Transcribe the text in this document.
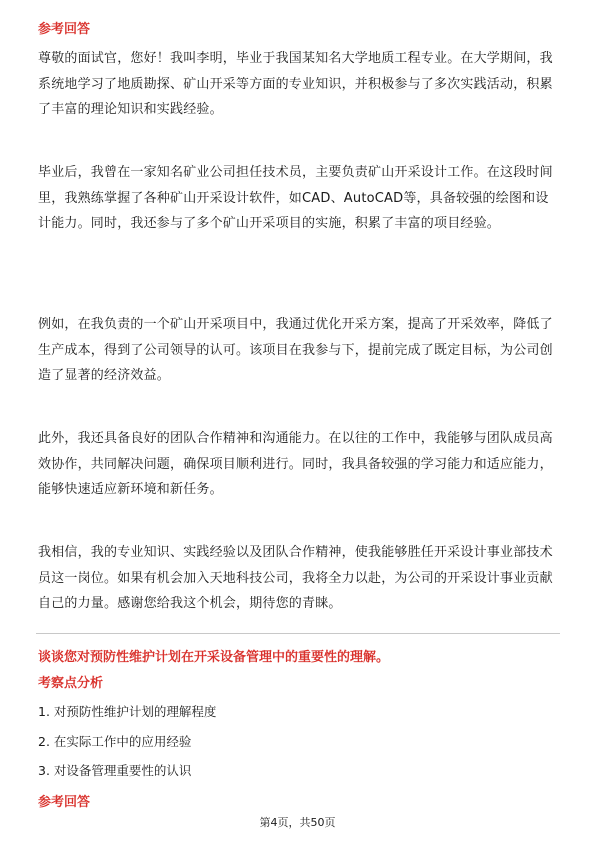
参考回答

尊敬的面试官，您好！我叫李明，毕业于我国某知名大学地质工程专业。在大学期间，我系统地学习了地质勘探、矿山开采等方面的专业知识，并积极参与了多次实践活动，积累了丰富的理论知识和实践经验。

毕业后，我曾在一家知名矿业公司担任技术员，主要负责矿山开采设计工作。在这段时间里，我熟练掌握了各种矿山开采设计软件，如CAD、AutoCAD等，具备较强的绘图和设计能力。同时，我还参与了多个矿山开采项目的实施，积累了丰富的项目经验。

例如，在我负责的一个矿山开采项目中，我通过优化开采方案，提高了开采效率，降低了生产成本，得到了公司领导的认可。该项目在我参与下，提前完成了既定目标，为公司创造了显著的经济效益。

此外，我还具备良好的团队合作精神和沟通能力。在以往的工作中，我能够与团队成员高效协作，共同解决问题，确保项目顺利进行。同时，我具备较强的学习能力和适应能力，能够快速适应新环境和新任务。

我相信，我的专业知识、实践经验以及团队合作精神，使我能够胜任开采设计事业部技术员这一岗位。如果有机会加入天地科技公司，我将全力以赴，为公司的开采设计事业贡献自己的力量。感谢您给我这个机会，期待您的青睐。

谈谈您对预防性维护计划在开采设备管理中的重要性的理解。
考察点分析
1. 对预防性维护计划的理解程度
2. 在实际工作中的应用经验
3. 对设备管理重要性的认识
参考回答
第4页，共50页
